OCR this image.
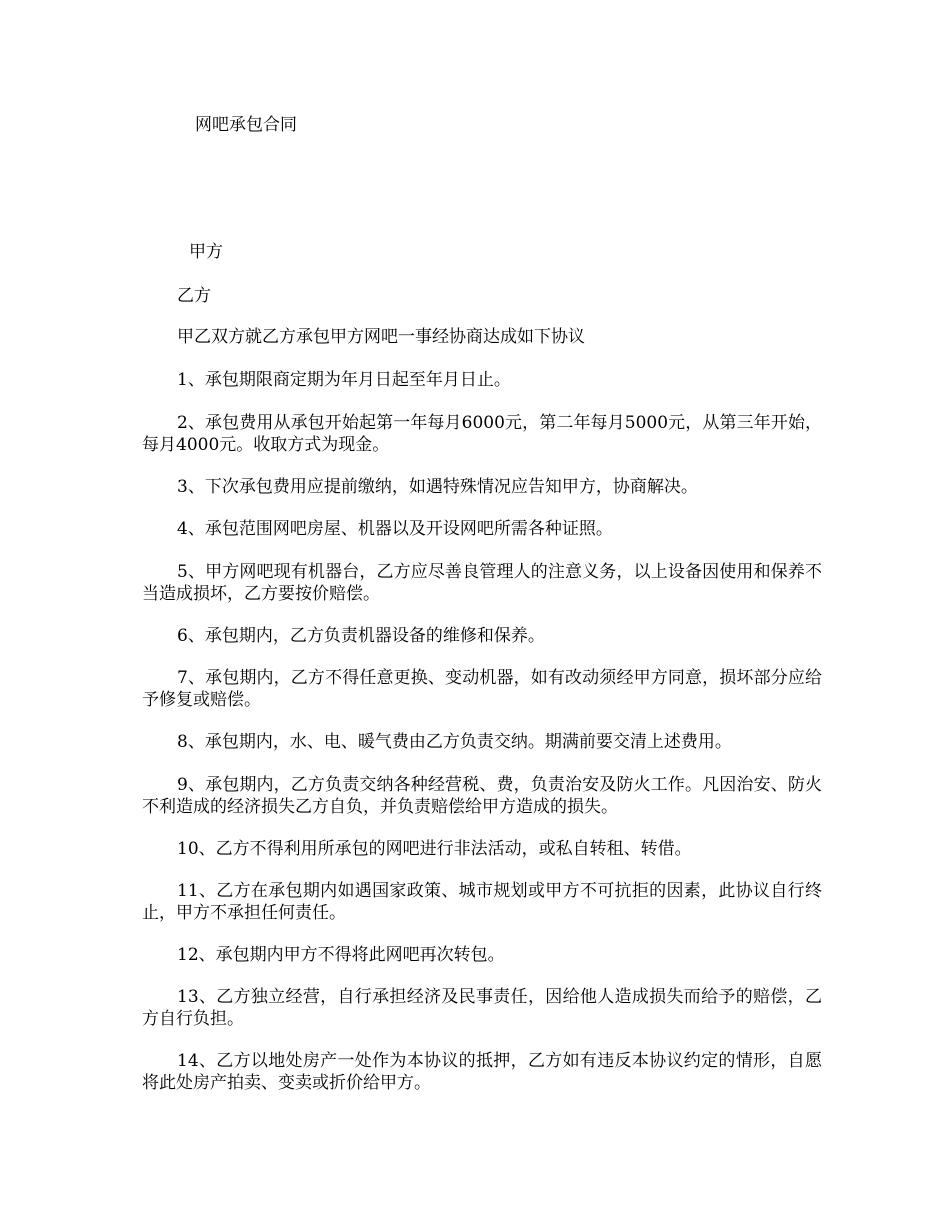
网吧承包合同
甲方
乙方
甲乙双方就乙方承包甲方网吧一事经协商达成如下协议
1、承包期限商定期为年月日起至年月日止。
2、承包费用从承包开始起第一年每月6000元，第二年每月5000元，从第三年开始，每月4000元。收取方式为现金。
3、下次承包费用应提前缴纳，如遇特殊情况应告知甲方，协商解决。
4、承包范围网吧房屋、机器以及开设网吧所需各种证照。
5、甲方网吧现有机器台，乙方应尽善良管理人的注意义务，以上设备因使用和保养不当造成损坏，乙方要按价赔偿。
6、承包期内，乙方负责机器设备的维修和保养。
7、承包期内，乙方不得任意更换、变动机器，如有改动须经甲方同意，损坏部分应给予修复或赔偿。
8、承包期内，水、电、暖气费由乙方负责交纳。期满前要交清上述费用。
9、承包期内，乙方负责交纳各种经营税、费，负责治安及防火工作。凡因治安、防火不利造成的经济损失乙方自负，并负责赔偿给甲方造成的损失。
10、乙方不得利用所承包的网吧进行非法活动，或私自转租、转借。
11、乙方在承包期内如遇国家政策、城市规划或甲方不可抗拒的因素，此协议自行终止，甲方不承担任何责任。
12、承包期内甲方不得将此网吧再次转包。
13、乙方独立经营，自行承担经济及民事责任，因给他人造成损失而给予的赔偿，乙方自行负担。
14、乙方以地处房产一处作为本协议的抵押，乙方如有违反本协议约定的情形，自愿将此处房产拍卖、变卖或折价给甲方。
